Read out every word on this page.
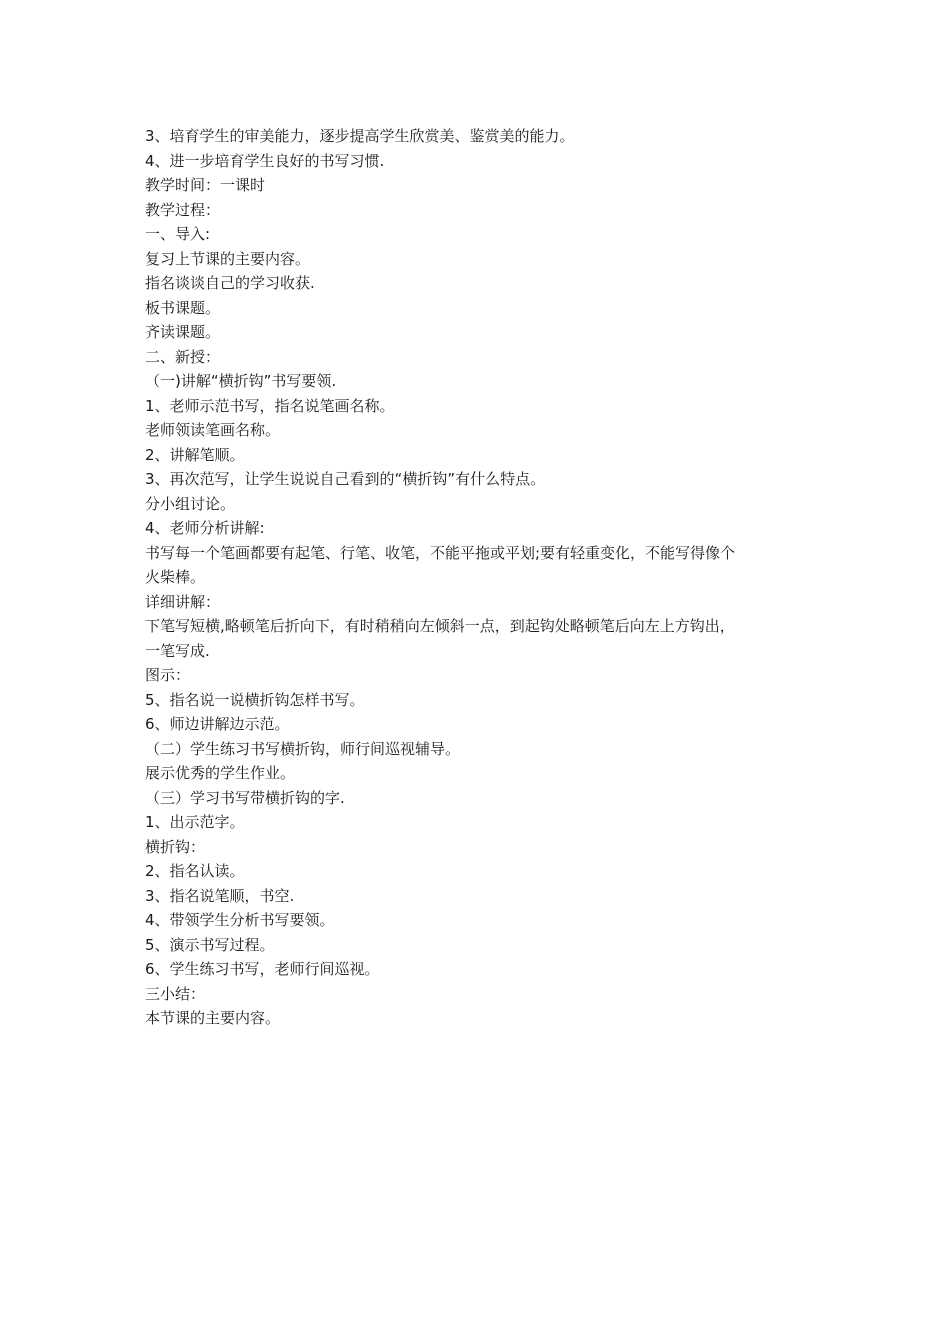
3、培育学生的审美能力，逐步提高学生欣赏美、鉴赏美的能力。
4、进一步培育学生良好的书写习惯.
教学时间：一课时
教学过程：
一、导入:
复习上节课的主要内容。
指名谈谈自己的学习收获.
板书课题。
齐读课题。
二、新授：
（一)讲解“横折钩”书写要领.
1、老师示范书写，指名说笔画名称。
老师领读笔画名称。
2、讲解笔顺。
3、再次范写，让学生说说自己看到的“横折钩”有什么特点。
分小组讨论。
4、老师分析讲解:
书写每一个笔画都要有起笔、行笔、收笔，不能平拖或平划;要有轻重变化，不能写得像个
火柴棒。
详细讲解：
下笔写短横,略顿笔后折向下，有时稍稍向左倾斜一点，到起钩处略顿笔后向左上方钩出，
一笔写成.
图示：
5、指名说一说横折钩怎样书写。
6、师边讲解边示范。
（二）学生练习书写横折钩，师行间巡视辅导。
展示优秀的学生作业。
（三）学习书写带横折钩的字.
1、出示范字。
横折钩：
2、指名认读。
3、指名说笔顺，书空.
4、带领学生分析书写要领。
5、演示书写过程。
6、学生练习书写，老师行间巡视。
三小结：
本节课的主要内容。
